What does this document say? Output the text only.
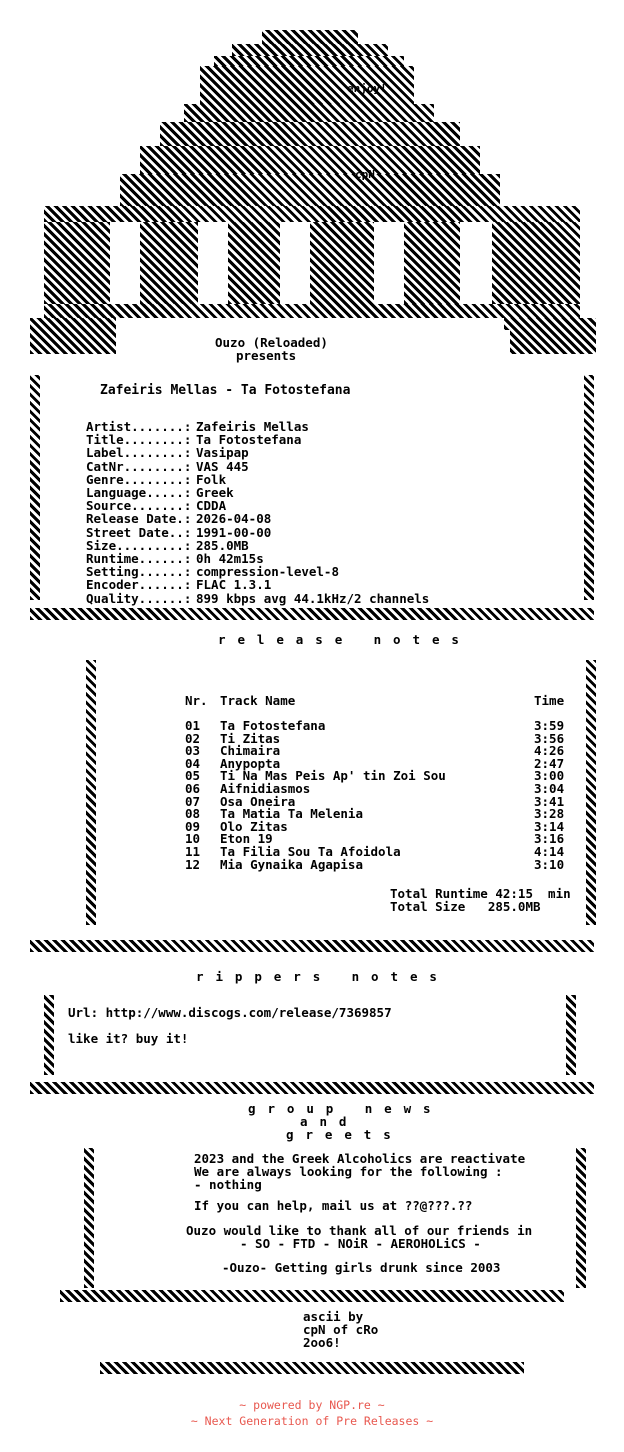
enjoy!
cpN
Ouzo (Reloaded)
presents
Zafeiris Mellas - Ta Fotostefana
Artist.......: Zafeiris Mellas
Title........: Ta Fotostefana
Label........: Vasipap
CatNr........: VAS 445
Genre........: Folk
Language.....: Greek
Source.......: CDDA
Release Date.: 2026-04-08
Street Date..: 1991-00-00
Size.........: 285.0MB
Runtime......: 0h 42m15s
Setting......: compression-level-8
Encoder......: FLAC 1.3.1
Quality......: 899 kbps avg 44.1kHz/2 channels
r e l e a s e   n o t e s
Nr. Track Name	Time
01 Ta Fotostefana	3:59
02 Ti Zitas	3:56
03 Chimaira	4:26
04 Anypopta	2:47
05 Ti Na Mas Peis Ap' tin Zoi Sou	3:00
06 Aifnidiasmos	3:04
07 Osa Oneira	3:41
08 Ta Matia Ta Melenia	3:28
09 Olo Zitas	3:14
10 Eton 19	3:16
11 Ta Filia Sou Ta Afoidola	4:14
12 Mia Gynaika Agapisa	3:10
Total Runtime 42:15  min
Total Size   285.0MB
r i p p e r s   n o t e s
Url: http://www.discogs.com/release/7369857
like it? buy it!
g r o u p   n e w s
a n d
g r e e t s
2023 and the Greek Alcoholics are reactivate
We are always looking for the following :
- nothing
If you can help, mail us at ??@???.??
Ouzo would like to thank all of our friends in
- SO - FTD - NOiR - AEROHOLiCS -
-Ouzo- Getting girls drunk since 2003
ascii by
cpN of cRo
2oo6!
~ powered by NGP.re ~
~ Next Generation of Pre Releases ~
